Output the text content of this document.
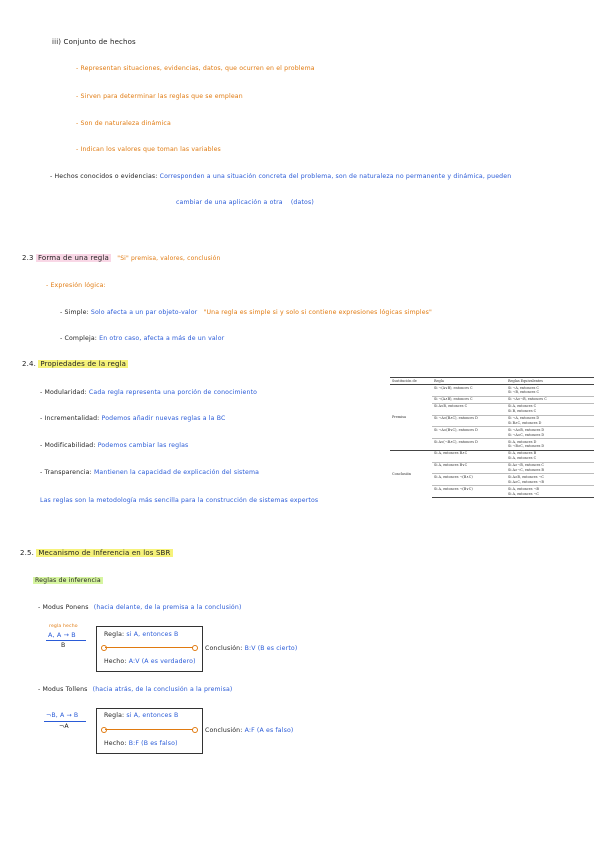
iii) Conjunto de hechos
- Representan situaciones, evidencias, datos, que ocurren en el problema
- Sirven para determinar las reglas que se emplean
- Son de naturaleza dinámica
- Indican los valores que toman las variables
- Hechos conocidos o evidencias: Corresponden a una situación concreta del problema, son de naturaleza no permanente y dinámica, pueden
cambiar de una aplicación a otra (datos)
2.3 Forma de una regla "Si" premisa, valores, conclusión
- Expresión lógica:
- Simple: Solo afecta a un par objeto-valor "Una regla es simple si y solo si contiene expresiones lógicas simples"
- Compleja: En otro caso, afecta a más de un valor
2.4. Propiedades de la regla
- Modularidad: Cada regla representa una porción de conocimiento
- Incrementalidad: Podemos añadir nuevas reglas a la BC
- Modificabilidad: Podemos cambiar las reglas
- Transparencia: Mantienen la capacidad de explicación del sistema
Las reglas son la metodología más sencilla para la construcción de sistemas expertos
Sustitución de	Regla	Reglas Equivalentes
Premisa	Si ¬(A∨B), entonces C	Si ¬A, entonces C
Si ¬B, entonces C

	Si ¬(A∧B), entonces C	Si ¬A∨¬B, entonces C

	Si A∨B, entonces C	Si A, entonces C
Si B, entonces C

	Si ¬A∨(B∧C), entonces D	Si ¬A, entonces D
Si B∧C, entonces D

	Si ¬A∧(B∨C), entonces D	Si ¬A∧B, entonces D
Si ¬A∧C, entonces D

	Si A∨(¬B∧C), entonces D	Si A, entonces D
Si ¬B∧C, entonces D

Conclusión	Si A, entonces B∧C	Si A, entonces B
Si A, entonces C

	Si A, entonces B∨C	Si A∧¬B, entonces C
Si A∧¬C, entonces B

	Si A, entonces ¬(B∧C)	Si A∧B, entonces ¬C
Si A∧C, entonces ¬B

	Si A, entonces ¬(B∨C)	Si A, entonces ¬B
Si A, entonces ¬C
2.5. Mecanismo de Inferencia en los SBR
Reglas de inferencia
- Modus Ponens (hacia delante, de la premisa a la conclusión)
regla hecho
A, A → B
B
Regla: si A, entonces B
Hecho: A:V (A es verdadero)
Conclusión: B:V (B es cierto)
- Modus Tollens (hacia atrás, de la conclusión a la premisa)
¬B, A → B
¬A
Regla: si A, entonces B
Hecho: B:F (B es falso)
Conclusión: A:F (A es falso)
